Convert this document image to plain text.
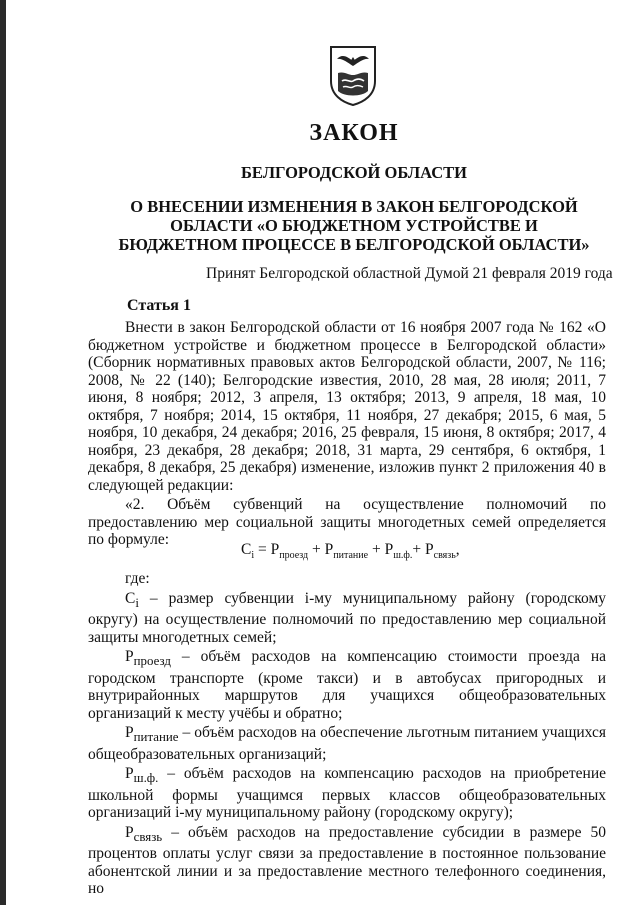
ЗАКОН
БЕЛГОРОДСКОЙ ОБЛАСТИ
О ВНЕСЕНИИ ИЗМЕНЕНИЯ В ЗАКОН БЕЛГОРОДСКОЙ ОБЛАСТИ «О БЮДЖЕТНОМ УСТРОЙСТВЕ И БЮДЖЕТНОМ ПРОЦЕССЕ В БЕЛГОРОДСКОЙ ОБЛАСТИ»
Принят Белгородской областной Думой 21 февраля 2019 года
Статья 1

Внести в закон Белгородской области от 16 ноября 2007 года № 162 «О бюджетном устройстве и бюджетном процессе в Белгородской области» (Сборник нормативных правовых актов Белгородской области, 2007, № 116; 2008, № 22 (140); Белгородские известия, 2010, 28 мая, 28 июля; 2011, 7 июня, 8 ноября; 2012, 3 апреля, 13 октября; 2013, 9 апреля, 18 мая, 10 октября, 7 ноября; 2014, 15 октября, 11 ноября, 27 декабря; 2015, 6 мая, 5 ноября, 10 декабря, 24 декабря; 2016, 25 февраля, 15 июня, 8 октября; 2017, 4 ноября, 23 декабря, 28 декабря; 2018, 31 марта, 29 сентября, 6 октября, 1 декабря, 8 декабря, 25 декабря) изменение, изложив пункт 2 приложения 40 в следующей редакции:

«2. Объём субвенций на осуществление полномочий по предоставлению мер социальной защиты многодетных семей определяется по формуле:

$C_i = P_{проезд} + P_{питание} + P_{ш.ф.}+ P_{связь}$,

где:

$C_i$ – размер субвенции i-му муниципальному району (городскому округу) на осуществление полномочий по предоставлению мер социальной защиты многодетных семей;

$P_{проезд}$ – объём расходов на компенсацию стоимости проезда на городском транспорте (кроме такси) и в автобусах пригородных и внутрирайонных маршрутов для учащихся общеобразовательных организаций к месту учёбы и обратно;

$P_{питание}$ – объём расходов на обеспечение льготным питанием учащихся общеобразовательных организаций;

$P_{ш.ф.}$ – объём расходов на компенсацию расходов на приобретение школьной формы учащимся первых классов общеобразовательных организаций i-му муниципальному району (городскому округу);

$P_{связь}$ – объём расходов на предоставление субсидии в размере 50 процентов оплаты услуг связи за предоставление в постоянное пользование абонентской линии и за предоставление местного телефонного соединения, но
